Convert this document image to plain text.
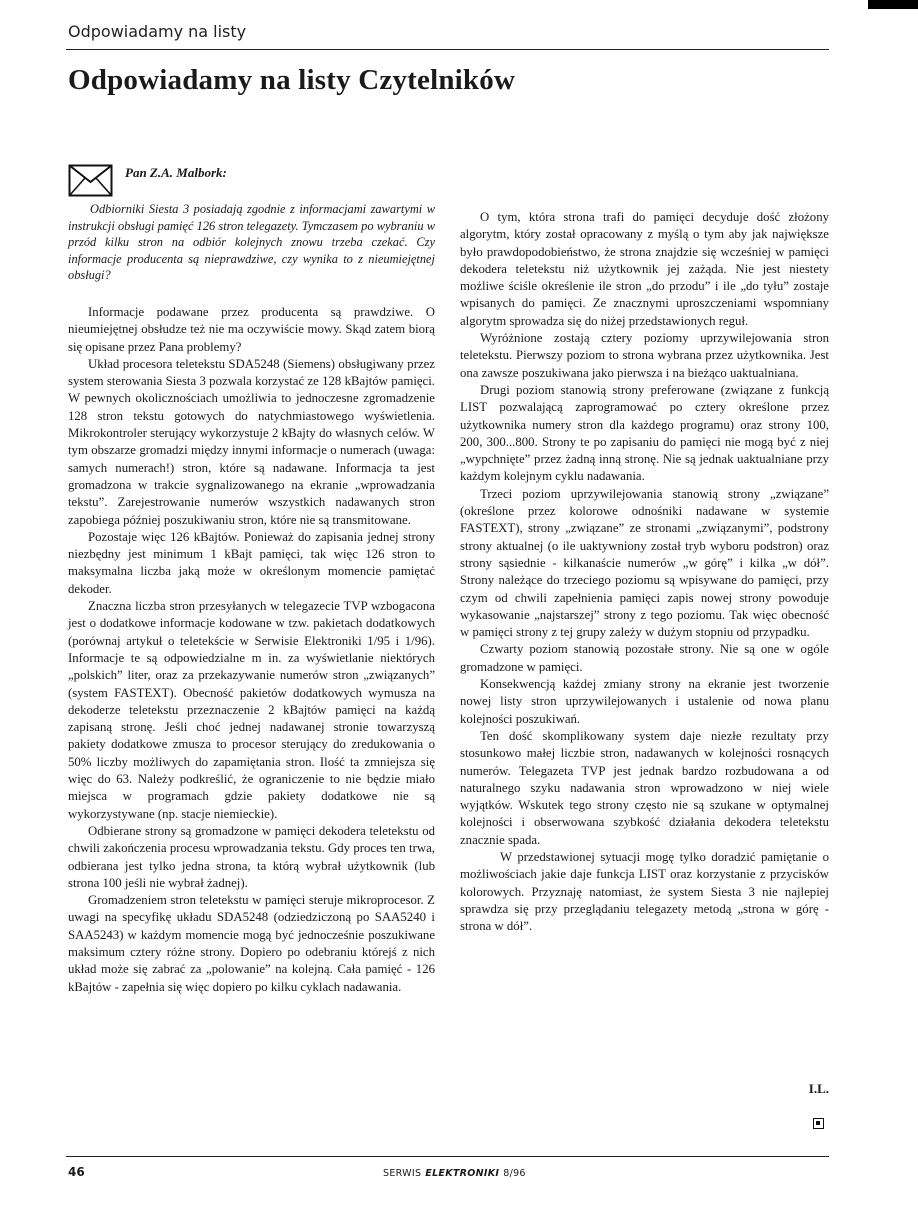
Odpowiadamy na listy
Odpowiadamy na listy Czytelników
Pan Z.A. Malbork:

Odbiorniki Siesta 3 posiadają zgodnie z informacjami zawartymi w instrukcji obsługi pamięć 126 stron telegazety. Tymczasem po wybraniu w przód kilku stron na odbiór kolejnych znowu trzeba czekać. Czy informacje producenta są nieprawdziwe, czy wynika to z nieumiejętnej obsługi?

Informacje podawane przez producenta są prawdziwe. O nieumiejętnej obsłudze też nie ma oczywiście mowy. Skąd zatem biorą się opisane przez Pana problemy?

Układ procesora teletekstu SDA5248 (Siemens) obsługiwany przez system sterowania Siesta 3 pozwala korzystać ze 128 kBajtów pamięci. W pewnych okolicznościach umożliwia to jednoczesne zgromadzenie 128 stron tekstu gotowych do natychmiastowego wyświetlenia. Mikrokontroler sterujący wykorzystuje 2 kBajty do własnych celów. W tym obszarze gromadzi między innymi informacje o numerach (uwaga: samych numerach!) stron, które są nadawane. Informacja ta jest gromadzona w trakcie sygnalizowanego na ekranie „wprowadzania tekstu”. Zarejestrowanie numerów wszystkich nadawanych stron zapobiega później poszukiwaniu stron, które nie są transmitowane.

Pozostaje więc 126 kBajtów. Ponieważ do zapisania jednej strony niezbędny jest minimum 1 kBajt pamięci, tak więc 126 stron to maksymalna liczba jaką może w określonym momencie pamiętać dekoder.

Znaczna liczba stron przesyłanych w telegazecie TVP wzbogacona jest o dodatkowe informacje kodowane w tzw. pakietach dodatkowych (porównaj artykuł o teletekście w Serwisie Elektroniki 1/95 i 1/96). Informacje te są odpowiedzialne m in. za wyświetlanie niektórych „polskich” liter, oraz za przekazywanie numerów stron „związanych” (system FASTEXT). Obecność pakietów dodatkowych wymusza na dekoderze teletekstu przeznaczenie 2 kBajtów pamięci na każdą zapisaną stronę. Jeśli choć jednej nadawanej stronie towarzyszą pakiety dodatkowe zmusza to procesor sterujący do zredukowania o 50% liczby możliwych do zapamiętania stron. Ilość ta zmniejsza się więc do 63. Należy podkreślić, że ograniczenie to nie będzie miało miejsca w programach gdzie pakiety dodatkowe nie są wykorzystywane (np. stacje niemieckie).

Odbierane strony są gromadzone w pamięci dekodera teletekstu od chwili zakończenia procesu wprowadzania tekstu. Gdy proces ten trwa, odbierana jest tylko jedna strona, ta którą wybrał użytkownik (lub strona 100 jeśli nie wybrał żadnej).

Gromadzeniem stron teletekstu w pamięci steruje mikroprocesor. Z uwagi na specyfikę układu SDA5248 (odziedziczoną po SAA5240 i SAA5243) w każdym momencie mogą być jednocześnie poszukiwane maksimum cztery różne strony. Dopiero po odebraniu którejś z nich układ może się zabrać za „polowanie” na kolejną. Cała pamięć - 126 kBajtów - zapełnia się więc dopiero po kilku cyklach nadawania.

O tym, która strona trafi do pamięci decyduje dość złożony algorytm, który został opracowany z myślą o tym aby jak największe było prawdopodobieństwo, że strona znajdzie się wcześniej w pamięci dekodera teletekstu niż użytkownik jej zażąda. Nie jest niestety możliwe ściśle określenie ile stron „do przodu” i ile „do tyłu” zostaje wpisanych do pamięci. Ze znacznymi uproszczeniami wspomniany algorytm sprowadza się do niżej przedstawionych reguł.

Wyróżnione zostają cztery poziomy uprzywilejowania stron teletekstu. Pierwszy poziom to strona wybrana przez użytkownika. Jest ona zawsze poszukiwana jako pierwsza i na bieżąco uaktualniana.

Drugi poziom stanowią strony preferowane (związane z funkcją LIST pozwalającą zaprogramować po cztery określone przez użytkownika numery stron dla każdego programu) oraz strony 100, 200, 300...800. Strony te po zapisaniu do pamięci nie mogą być z niej „wypchnięte” przez żadną inną stronę. Nie są jednak uaktualniane przy każdym kolejnym cyklu nadawania.

Trzeci poziom uprzywilejowania stanowią strony „związane” (określone przez kolorowe odnośniki nadawane w systemie FASTEXT), strony „związane” ze stronami „związanymi”, podstrony strony aktualnej (o ile uaktywniony został tryb wyboru podstron) oraz strony sąsiednie - kilkanaście numerów „w górę” i kilka „w dół”. Strony należące do trzeciego poziomu są wpisywane do pamięci, przy czym od chwili zapełnienia pamięci zapis nowej strony powoduje wykasowanie „najstarszej” strony z tego poziomu. Tak więc obecność w pamięci strony z tej grupy zależy w dużym stopniu od przypadku.

Czwarty poziom stanowią pozostałe strony. Nie są one w ogóle gromadzone w pamięci.

Konsekwencją każdej zmiany strony na ekranie jest tworzenie nowej listy stron uprzywilejowanych i ustalenie od nowa planu kolejności poszukiwań.

Ten dość skomplikowany system daje niezłe rezultaty przy stosunkowo małej liczbie stron, nadawanych w kolejności rosnących numerów. Telegazeta TVP jest jednak bardzo rozbudowana a od naturalnego szyku nadawania stron wprowadzono w niej wiele wyjątków. Wskutek tego strony często nie są szukane w optymalnej kolejności i obserwowana szybkość działania dekodera teletekstu znacznie spada.

W przedstawionej sytuacji mogę tylko doradzić pamiętanie o możliwościach jakie daje funkcja LIST oraz korzystanie z przycisków kolorowych. Przyznaję natomiast, że system Siesta 3 nie najlepiej sprawdza się przy przeglądaniu telegazety metodą „strona w górę - strona w dół”.

I.L.
46	SERWIS ELEKTRONIKI 8/96
